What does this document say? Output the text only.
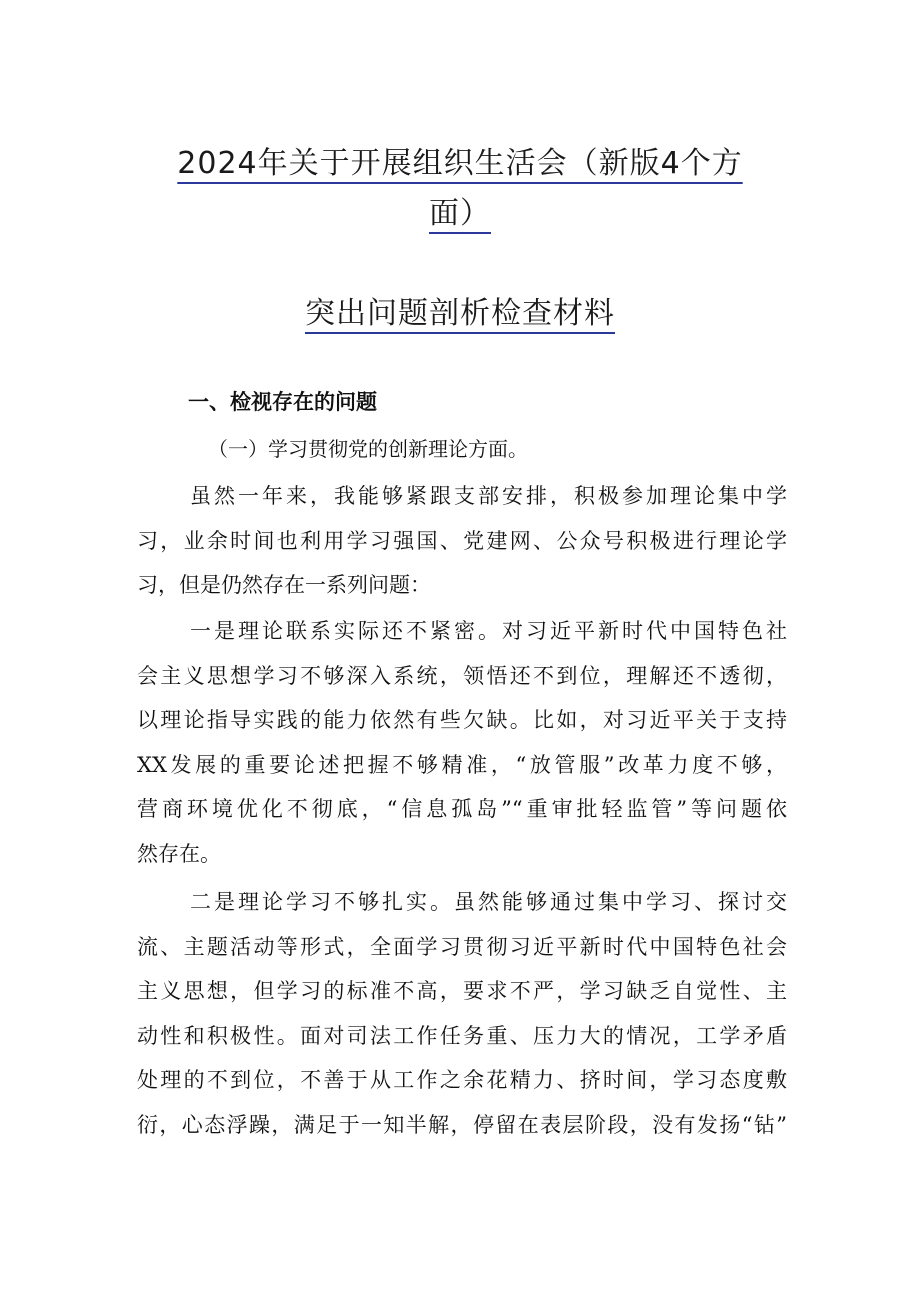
2024年关于开展组织生活会（新版4个方
面）
突出问题剖析检查材料
一、检视存在的问题
（一）学习贯彻党的创新理论方面。
虽然一年来，我能够紧跟支部安排，积极参加理论集中学
习，业余时间也利用学习强国、党建网、公众号积极进行理论学
习，但是仍然存在一系列问题：
一是理论联系实际还不紧密。对习近平新时代中国特色社
会主义思想学习不够深入系统，领悟还不到位，理解还不透彻，
以理论指导实践的能力依然有些欠缺。比如，对习近平关于支持
XX发展的重要论述把握不够精准，“放管服”改革力度不够，
营商环境优化不彻底，“信息孤岛”“重审批轻监管”等问题依
然存在。
二是理论学习不够扎实。虽然能够通过集中学习、探讨交
流、主题活动等形式，全面学习贯彻习近平新时代中国特色社会
主义思想，但学习的标准不高，要求不严，学习缺乏自觉性、主
动性和积极性。面对司法工作任务重、压力大的情况，工学矛盾
处理的不到位，不善于从工作之余花精力、挤时间，学习态度敷
衍，心态浮躁，满足于一知半解，停留在表层阶段，没有发扬“钻”
